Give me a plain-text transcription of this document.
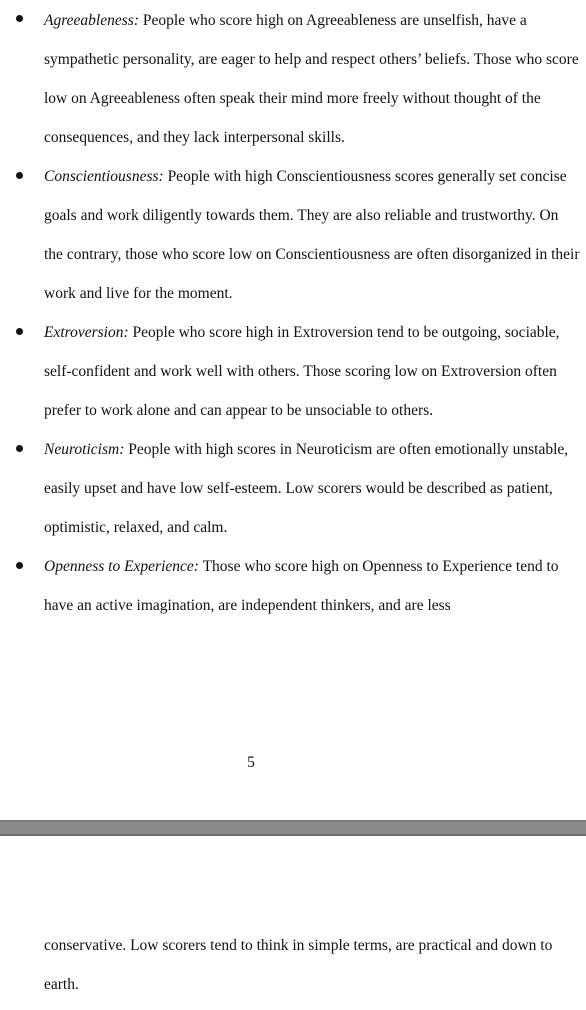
Agreeableness: People who score high on Agreeableness are unselfish, have a sympathetic personality, are eager to help and respect others’ beliefs. Those who score low on Agreeableness often speak their mind more freely without thought of the consequences, and they lack interpersonal skills.
Conscientiousness: People with high Conscientiousness scores generally set concise goals and work diligently towards them. They are also reliable and trustworthy. On the contrary, those who score low on Conscientiousness are often disorganized in their work and live for the moment.
Extroversion: People who score high in Extroversion tend to be outgoing, sociable, self-confident and work well with others. Those scoring low on Extroversion often prefer to work alone and can appear to be unsociable to others.
Neuroticism: People with high scores in Neuroticism are often emotionally unstable, easily upset and have low self-esteem. Low scorers would be described as patient, optimistic, relaxed, and calm.
Openness to Experience: Those who score high on Openness to Experience tend to have an active imagination, are independent thinkers, and are less
5

conservative. Low scorers tend to think in simple terms, are practical and down to earth.
